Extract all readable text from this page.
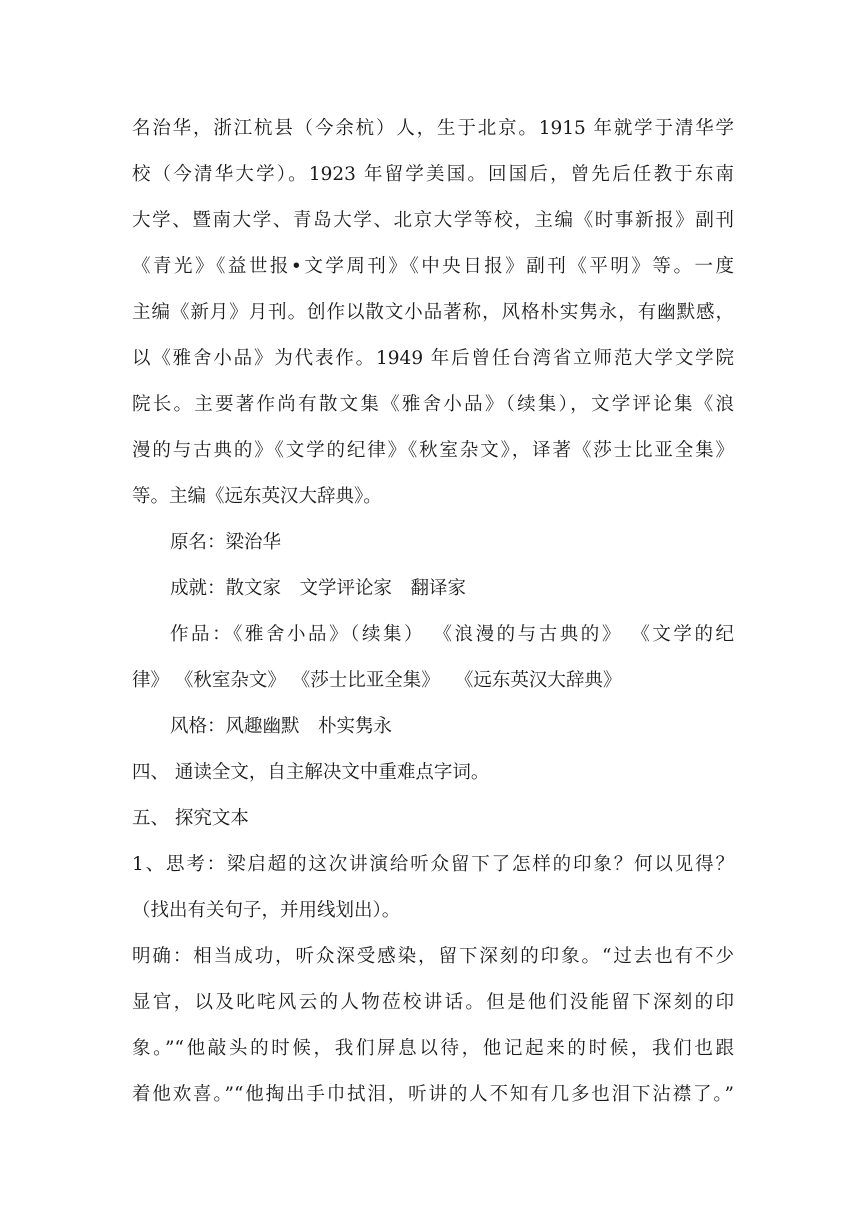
名治华，浙江杭县（今余杭）人，生于北京。1915 年就学于清华学
校（今清华大学）。1923 年留学美国。回国后，曾先后任教于东南
大学、暨南大学、青岛大学、北京大学等校，主编《时事新报》副刊
《青光》《益世报•文学周刊》《中央日报》副刊《平明》等。一度
主编《新月》月刊。创作以散文小品著称，风格朴实隽永，有幽默感，
以《雅舍小品》为代表作。1949 年后曾任台湾省立师范大学文学院
院长。主要著作尚有散文集《雅舍小品》（续集），文学评论集《浪
漫的与古典的》《文学的纪律》《秋室杂文》，译著《莎士比亚全集》
等。主编《远东英汉大辞典》。
原名：梁治华
成就：散文家　文学评论家　翻译家
作品：《雅舍小品》（续集） 《浪漫的与古典的》 《文学的纪
律》 《秋室杂文》 《莎士比亚全集》　 《远东英汉大辞典》
风格：风趣幽默　朴实隽永
四、 通读全文，自主解决文中重难点字词。
五、 探究文本
1、思考：梁启超的这次讲演给听众留下了怎样的印象？何以见得？
（找出有关句子，并用线划出）。
明确：相当成功，听众深受感染，留下深刻的印象。“过去也有不少
显官，以及叱咤风云的人物莅校讲话。但是他们没能留下深刻的印
象。”“他敲头的时候，我们屏息以待，他记起来的时候，我们也跟
着他欢喜。”“他掏出手巾拭泪，听讲的人不知有几多也泪下沾襟了。”
